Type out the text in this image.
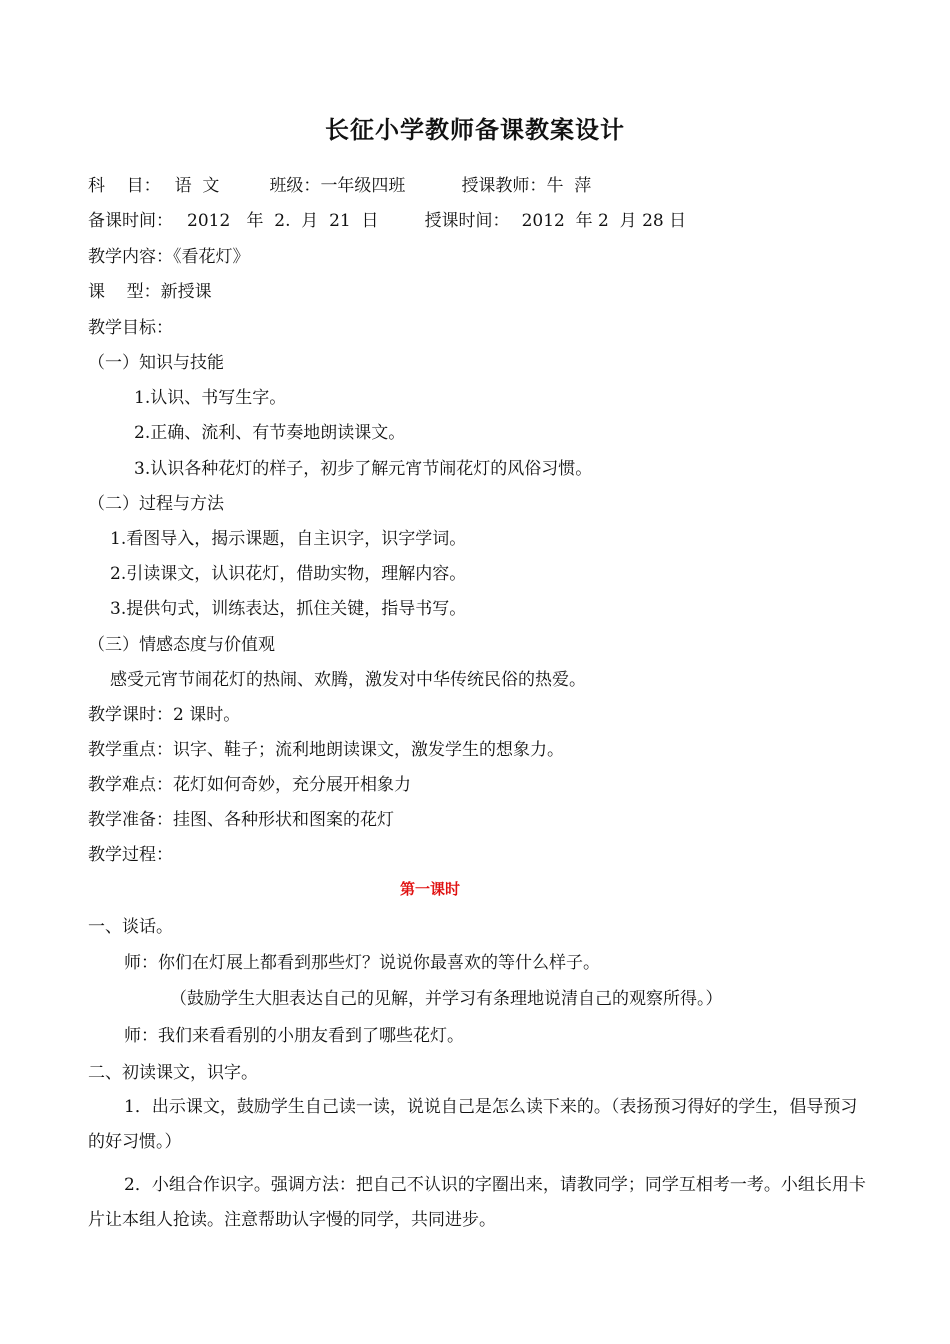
长征小学教师备课教案设计
科    目： 语  文	班级：一年级四班	授课教师：牛  萍
备课时间： 2012   年  2.  月  21  日	授课时间： 2012  年 2  月 28 日
教学内容：《看花灯》
课    型：新授课
教学目标：
（一）知识与技能
1.认识、书写生字。
2.正确、流利、有节奏地朗读课文。
3.认识各种花灯的样子，初步了解元宵节闹花灯的风俗习惯。
（二）过程与方法
1.看图导入，揭示课题，自主识字，识字学词。
2.引读课文，认识花灯，借助实物，理解内容。
3.提供句式，训练表达，抓住关键，指导书写。
（三）情感态度与价值观
感受元宵节闹花灯的热闹、欢腾，激发对中华传统民俗的热爱。
教学课时：2 课时。
教学重点：识字、鞋子；流利地朗读课文，激发学生的想象力。
教学难点：花灯如何奇妙，充分展开相象力
教学准备：挂图、各种形状和图案的花灯
教学过程：
第一课时
一、谈话。
师：你们在灯展上都看到那些灯？说说你最喜欢的等什么样子。
（鼓励学生大胆表达自己的见解，并学习有条理地说清自己的观察所得。）
师：我们来看看别的小朋友看到了哪些花灯。
二、初读课文，识字。
1．出示课文，鼓励学生自己读一读，说说自己是怎么读下来的。（表扬预习得好的学生，倡导预习的好习惯。）
2．小组合作识字。强调方法：把自己不认识的字圈出来，请教同学；同学互相考一考。小组长用卡片让本组人抢读。注意帮助认字慢的同学，共同进步。
